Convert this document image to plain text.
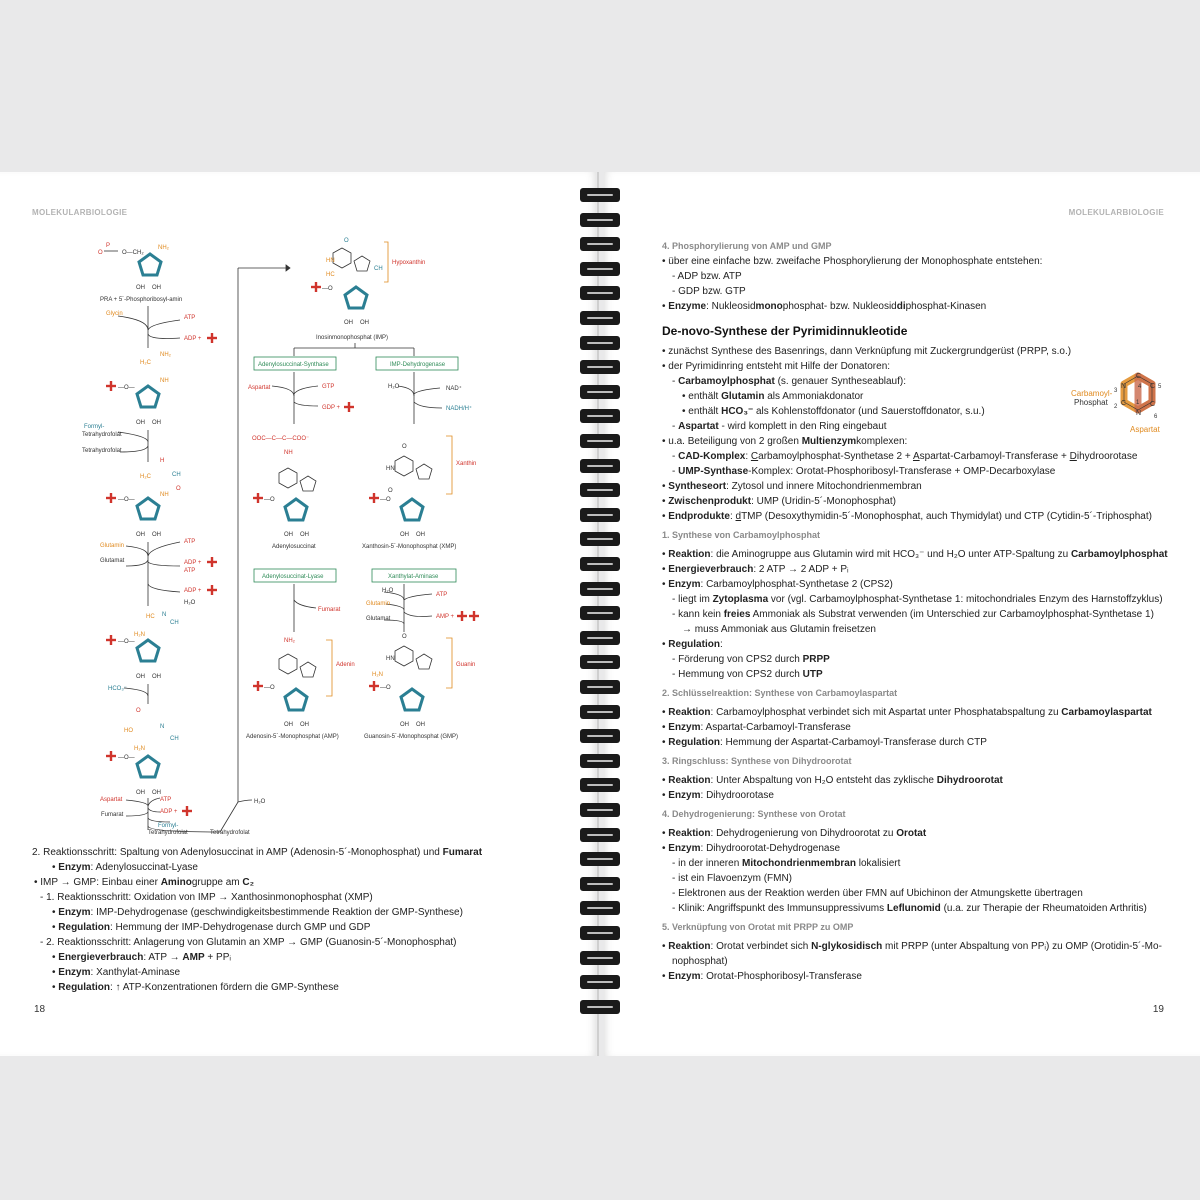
MOLEKULARBIOLOGIE
18
MOLEKULARBIOLOGIE
19
O
P
O—CH₂
NH₂
OH OH
PRA + 5´-Phosphoribosyl-amin
Glycin
ATP
ADP +
H₂C
NH₂
NH
—O—
OH OH
Formyl-
Tetrahydrofolat
Tetrahydrofolat
H
H₂C	CH
O
NH
—O—
OH OH
Glutamin
Glutamat
ATP
ADP +
ATP
ADP +
H₂O
HC N
CH
H₂N
—O—
OH OH
HCO₃⁻
HO
O
N
CH
H₂N
—O—
OH OH
Aspartat	ATP
ADP +
Fumarat
Formyl-
Tetrahydrofolat	Tetrahydrofolat
H₂O
O
HN
HC
CH
—O
OH OH
Hypoxanthin
Inosinmonophosphat (IMP)
Adenylosuccinat-Synthase	IMP-Dehydrogenase
Aspartat	GTP
GDP +
H₂O	NAD⁺
NADH/H⁺
OOC—C—C—COO⁻
NH
—O
OH OH
Adenylosuccinat
O
HN
O
—O
OH OH
Xanthin
Xanthosin-5´-Monophosphat (XMP)
Adenylosuccinat-Lyase	Xanthylat-Aminase
Fumarat
H₂O
ATP
Glutamin
AMP +
Glutamat
NH₂
—O
OH OH
Adenin
Adenosin-5´-Monophosphat (AMP)
O
HN
H₂N
—O
OH OH
Guanin
Guanosin-5´-Monophosphat (GMP)
2. Reaktionsschritt: Spaltung von Adenylosuccinat in AMP (Adenosin-5´-Monophosphat) und Fumarat
• Enzym: Adenylosuccinat-Lyase
• IMP → GMP: Einbau einer Aminogruppe am C₂
- 1. Reaktionsschritt: Oxidation von IMP → Xanthosinmonophosphat (XMP)
• Enzym: IMP-Dehydrogenase (geschwindigkeitsbestimmende Reaktion der GMP-Synthese)
• Regulation: Hemmung der IMP-Dehydrogenase durch GMP und GDP
- 2. Reaktionsschritt: Anlagerung von Glutamin an XMP → GMP (Guanosin-5´-Monophosphat)
• Energieverbrauch: ATP → AMP + PPᵢ
• Enzym: Xanthylat-Aminase
• Regulation: ↑ ATP-Konzentrationen fördern die GMP-Synthese
4. Phosphorylierung von AMP und GMP
• über eine einfache bzw. zweifache Phosphorylierung der Monophosphate entstehen:
- ADP bzw. ATP
- GDP bzw. GTP
• Enzyme: Nukleosidmonophosphat- bzw. Nukleosiddiphosphat-Kinasen
De-novo-Synthese der Pyrimidinnukleotide
• zunächst Synthese des Basenrings, dann Verknüpfung mit Zuckergrundgerüst (PRPP, s.o.)
• der Pyrimidinring entsteht mit Hilfe der Donatoren:
- Carbamoylphosphat (s. genauer Syntheseablauf):
• enthält Glutamin als Ammoniakdonator
• enthält HCO₃⁻ als Kohlenstoffdonator (und Sauerstoffdonator, s.u.)
- Aspartat - wird komplett in den Ring eingebaut
• u.a. Beteiligung von 2 großen Multienzymkomplexen:
- CAD-Komplex: Carbamoylphosphat-Synthetase 2 + Aspartat-Carbamoyl-Transferase + Dihydroorotase
- UMP-Synthase-Komplex: Orotat-Phosphoribosyl-Transferase + OMP-Decarboxylase
• Syntheseort: Zytosol und innere Mitochondrienmembran
• Zwischenprodukt: UMP (Uridin-5´-Monophosphat)
• Endprodukte: dTMP (Desoxythymidin-5´-Monophosphat, auch Thymidylat) und CTP (Cytidin-5´-Triphosphat)
1. Synthese von Carbamoylphosphat
• Reaktion: die Aminogruppe aus Glutamin wird mit HCO₃⁻ und H₂O unter ATP-Spaltung zu Carbamoylphosphat
• Energieverbrauch: 2 ATP → 2 ADP + Pᵢ
• Enzym: Carbamoylphosphat-Synthetase 2 (CPS2)
- liegt im Zytoplasma vor (vgl. Carbamoylphosphat-Synthetase 1: mitochondriales Enzym des Harnstoffzyklus)
- kann kein freies Ammoniak als Substrat verwenden (im Unterschied zur Carbamoylphosphat-Synthetase 1)
→ muss Ammoniak aus Glutamin freisetzen
• Regulation:
- Förderung von CPS2 durch PRPP
- Hemmung von CPS2 durch UTP
2. Schlüsselreaktion: Synthese von Carbamoylaspartat
• Reaktion: Carbamoylphosphat verbindet sich mit Aspartat unter Phosphatabspaltung zu Carbamoylaspartat
• Enzym: Aspartat-Carbamoyl-Transferase
• Regulation: Hemmung der Aspartat-Carbamoyl-Transferase durch CTP
3. Ringschluss: Synthese von Dihydroorotat
• Reaktion: Unter Abspaltung von H₂O entsteht das zyklische Dihydroorotat
• Enzym: Dihydroorotase
4. Dehydrogenierung: Synthese von Orotat
• Reaktion: Dehydrogenierung von Dihydroorotat zu Orotat
• Enzym: Dihydroorotat-Dehydrogenase
- in der inneren Mitochondrienmembran lokalisiert
- ist ein Flavoenzym (FMN)
- Elektronen aus der Reaktion werden über FMN auf Ubichinon der Atmungskette übertragen
- Klinik: Angriffspunkt des Immunsuppressivums Leflunomid (u.a. zur Therapie der Rheumatoiden Arthritis)
5. Verknüpfung von Orotat mit PRPP zu OMP
• Reaktion: Orotat verbindet sich N-glykosidisch mit PRPP (unter Abspaltung von PPᵢ) zu OMP (Orotidin-5´-Mo-
nophosphat)
• Enzym: Orotat-Phosphoribosyl-Transferase
Carbamoyl-
Phosphat
Aspartat
N
C
N
C
C
C
3
2
1
6
5
4
